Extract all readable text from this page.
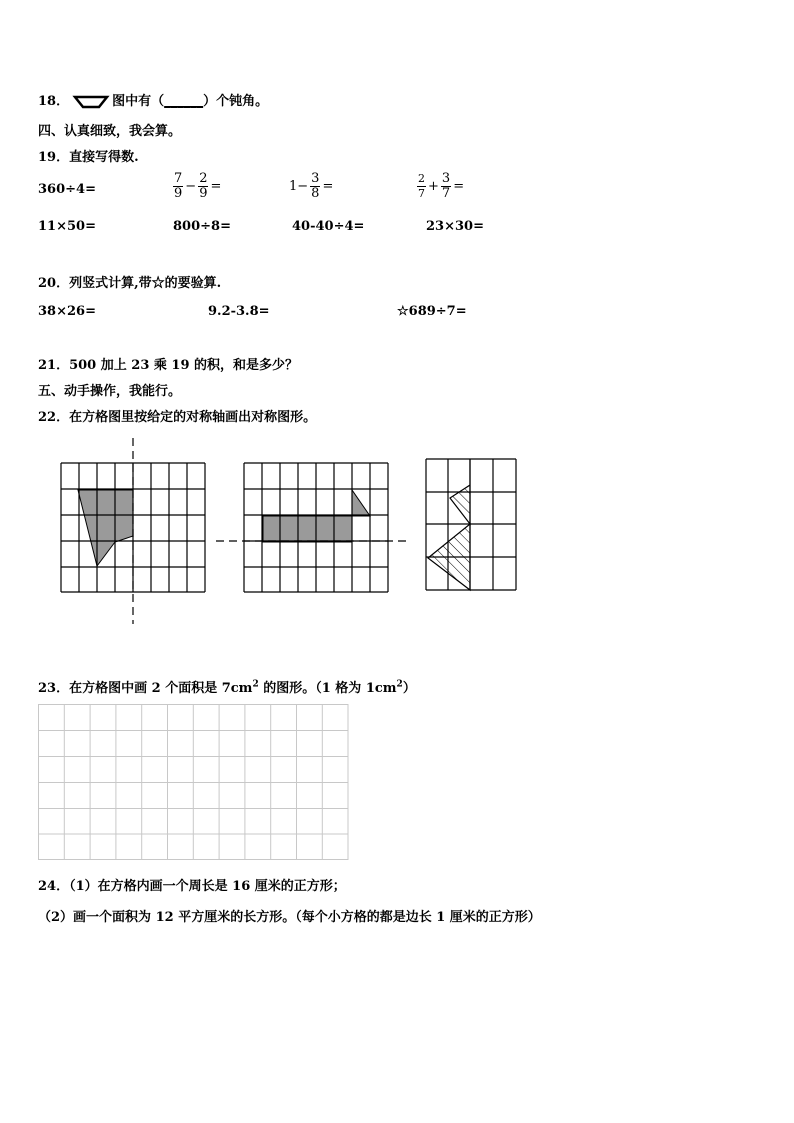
18．	图中有（______）个钝角。
四、认真细致，我会算。
19．直接写得数.
360÷4=	$\frac{7}{9} - \frac{2}{9}$ =	$1- \frac{3}{8}$ =	$\frac{2}{7} + \frac{3}{7}$ =
11×50=	800÷8=	40-40÷4=	23×30=
20．列竖式计算,带☆的要验算.
38×26=	9.2-3.8=	☆689÷7=
21．500 加上 23 乘 19 的积，和是多少？
五、动手操作，我能行。
22．在方格图里按给定的对称轴画出对称图形。
23．在方格图中画 2 个面积是 $7cm^2$ 的图形。（1 格为 $1cm^2$）
24．（1）在方格内画一个周长是 16 厘米的正方形；
（2）画一个面积为 12 平方厘米的长方形。（每个小方格的都是边长 1 厘米的正方形）
